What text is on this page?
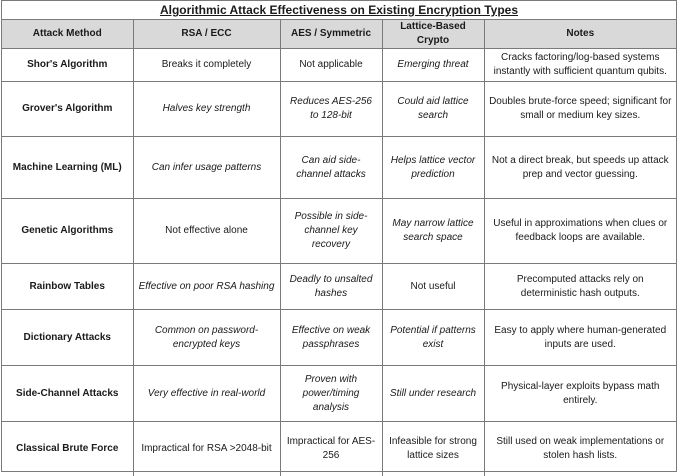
Algorithmic Attack Effectiveness on Existing Encryption Types
Attack Method	RSA / ECC	AES / Symmetric	Lattice-Based Crypto	Notes
Shor's Algorithm	Breaks it completely	Not applicable	Emerging threat	Cracks factoring/log-based systems instantly with sufficient quantum qubits.
Grover's Algorithm	Halves key strength	Reduces AES-256 to 128-bit	Could aid lattice search	Doubles brute-force speed; significant for small or medium key sizes.
Machine Learning (ML)	Can infer usage patterns	Can aid side-channel attacks	Helps lattice vector prediction	Not a direct break, but speeds up attack prep and vector guessing.
Genetic Algorithms	Not effective alone	Possible in side-channel key recovery	May narrow lattice search space	Useful in approximations when clues or feedback loops are available.
Rainbow Tables	Effective on poor RSA hashing	Deadly to unsalted hashes	Not useful	Precomputed attacks rely on deterministic hash outputs.
Dictionary Attacks	Common on password-encrypted keys	Effective on weak passphrases	Potential if patterns exist	Easy to apply where human-generated inputs are used.
Side-Channel Attacks	Very effective in real-world	Proven with power/timing analysis	Still under research	Physical-layer exploits bypass math entirely.
Classical Brute Force	Impractical for RSA >2048-bit	Impractical for AES-256	Infeasible for strong lattice sizes	Still used on weak implementations or stolen hash lists.
